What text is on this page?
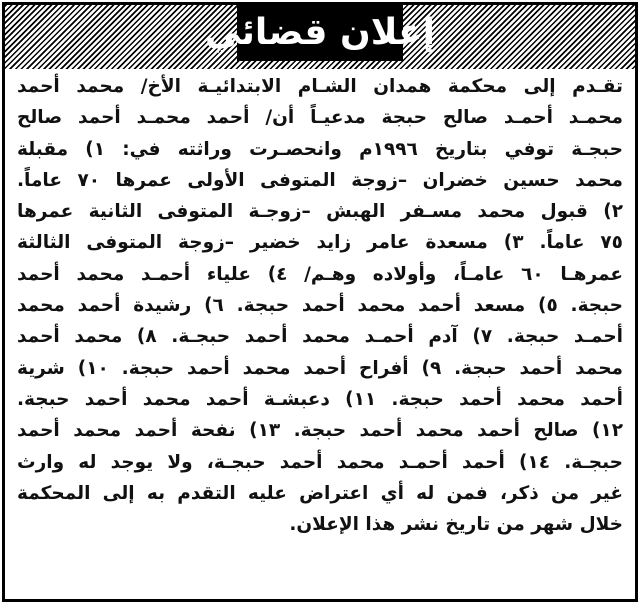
إعلان قضائي
تقـدم إلى محكمة همدان الشـام الابتدائيـة الأخ/ محمد أحمد
محمـد أحمـد صالح حبجة مدعيـاً أن/ أحمد محمـد أحمد صالح
حبجـة توفي بتاريخ ١٩٩٦م وانحصـرت وراثته في: ١) مقبلة
محمد حسين خضران –زوجة المتوفى الأولى عمرها ٧٠ عاماً.
٢) قبول محمد مسـفر الهبش –زوجـة المتوفى الثانية عمرها
٧٥ عاماً. ٣) مسعدة عامر زايد خضير –زوجة المتوفى الثالثة
عمرهـا ٦٠ عامـاً، وأولاده وهـم/ ٤) علياء أحمـد محمد أحمد
حبجة. ٥) مسعد أحمد محمد أحمد حبجة. ٦) رشيدة أحمد محمد
أحمـد حبجة. ٧) آدم أحمـد محمد أحمد حبجـة. ٨) محمد أحمد
محمد أحمد حبجة. ٩) أفراح أحمد محمد أحمد حبجة. ١٠) شرية
أحمد محمد أحمد حبجة. ١١) دعبشـة أحمد محمد أحمد حبجة.
١٢) صالح أحمد محمد أحمد حبجة. ١٣) نفحة أحمد محمد أحمد
حبجـة. ١٤) أحمد أحمـد محمد أحمد حبجـة، ولا يوجد له وارث
غير من ذكر، فمن له أي اعتراض عليه التقدم به إلى المحكمة
خلال شهر من تاريخ نشر هذا الإعلان.
